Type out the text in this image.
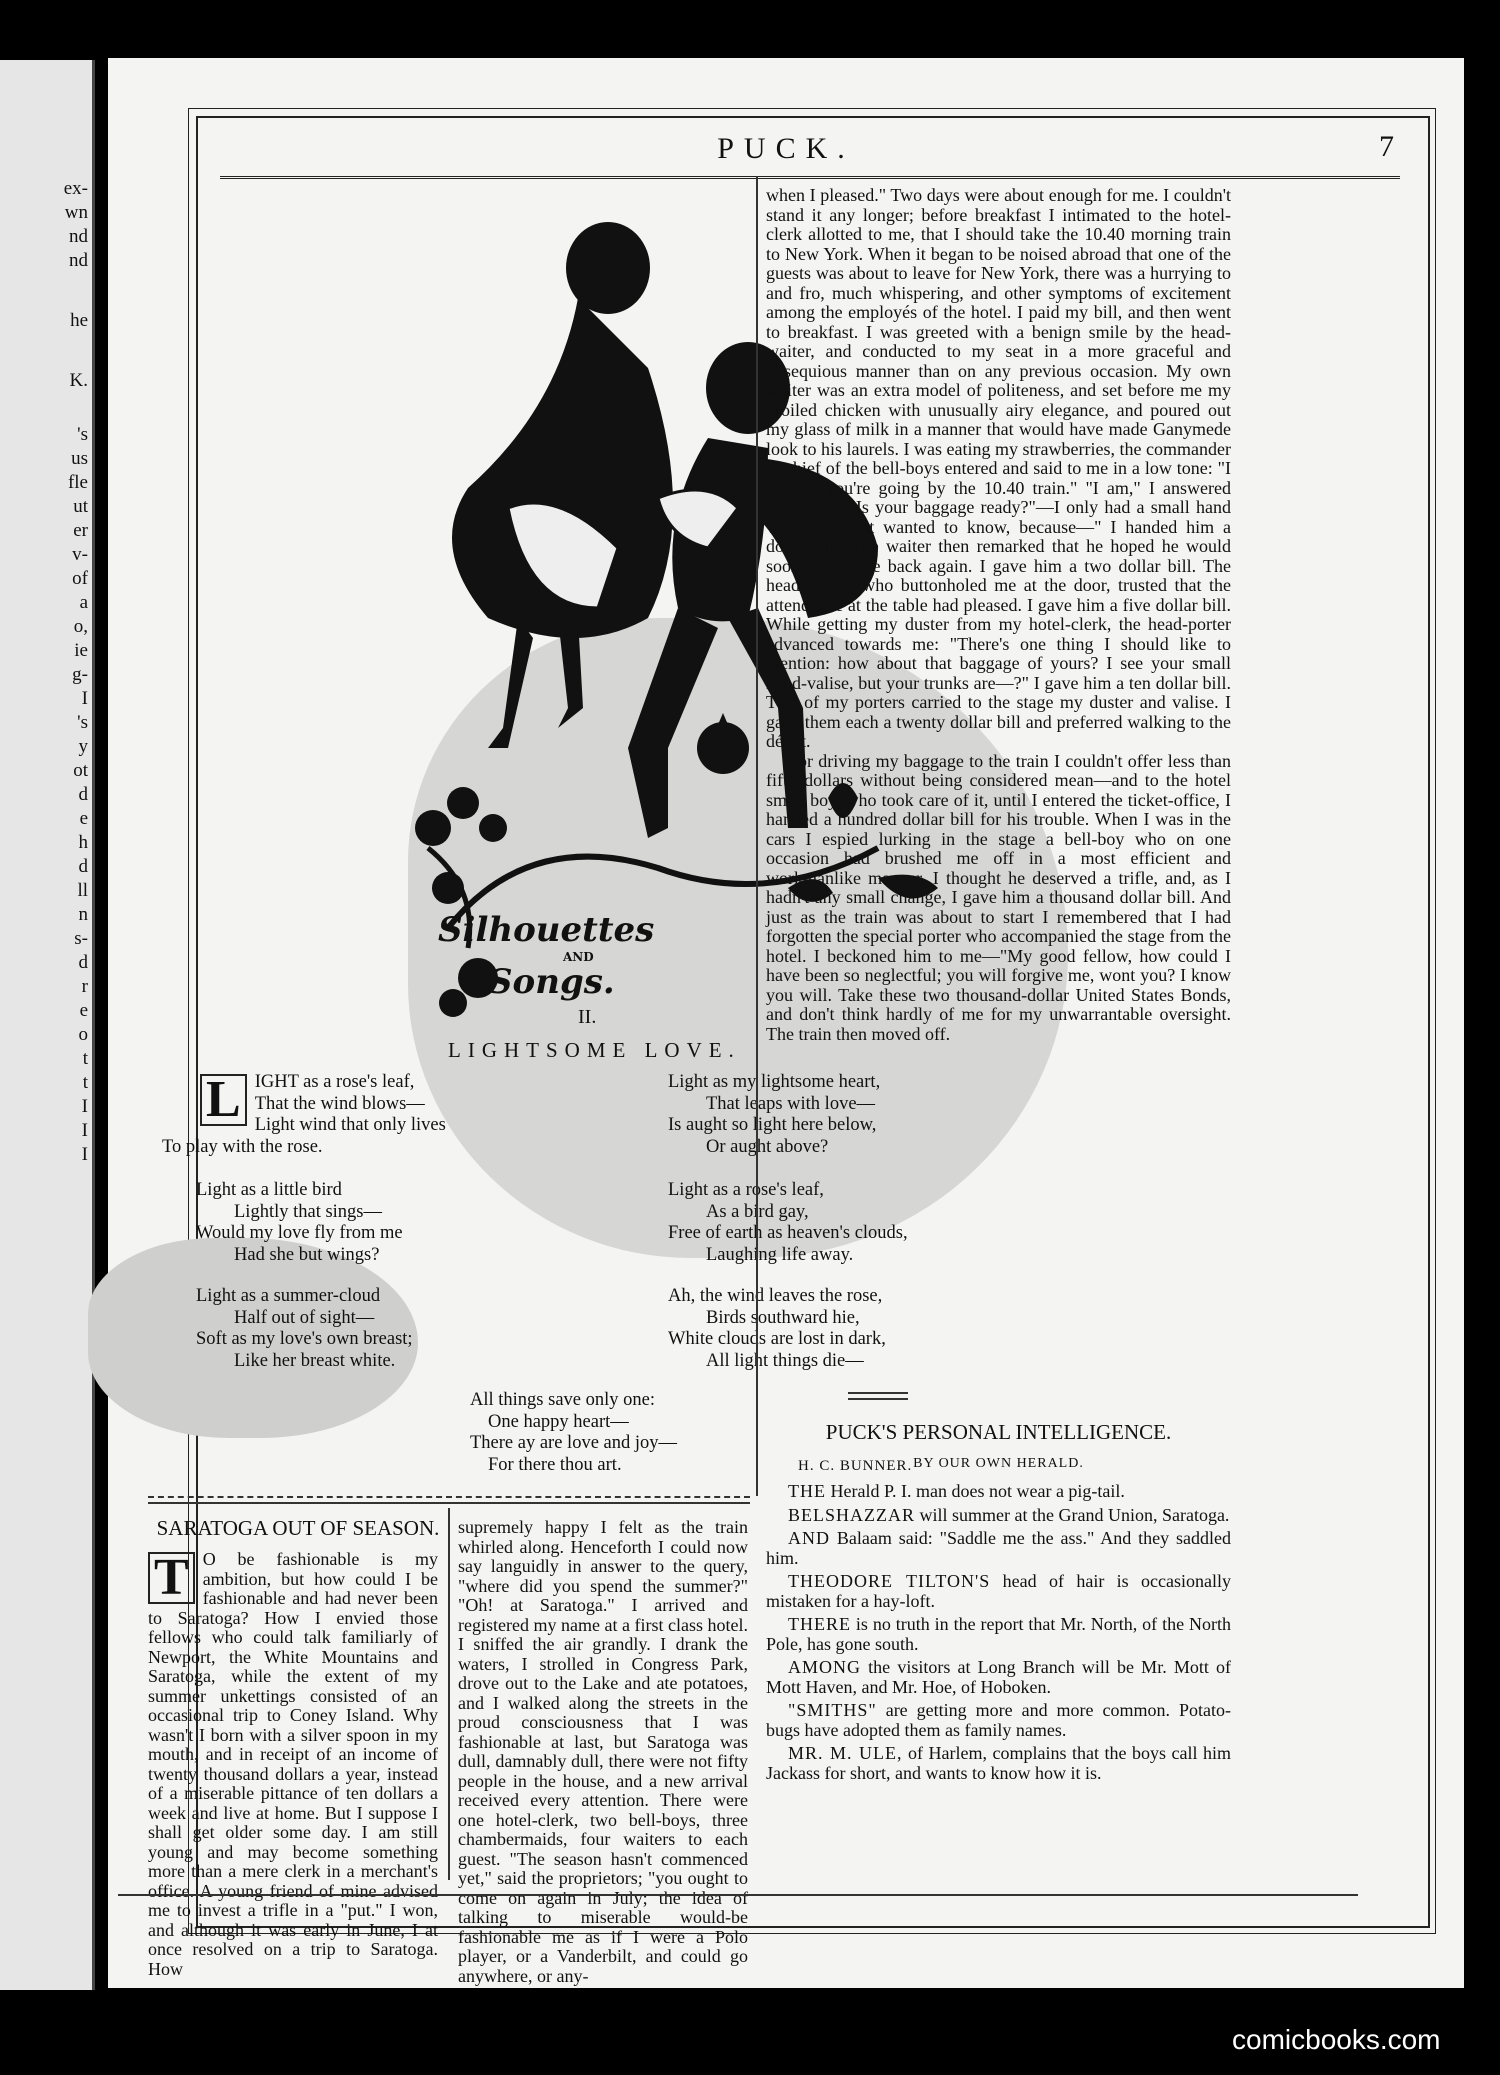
ex-
wn
nd
nd
he
K.
's
us
fle
ut
er
v-
of
a
o,
ie
g-
I
's
y
ot
d
e
h
d
ll
n
s-
d
r
e
o
t
t
I
I
I
PUCK.	7
Silhouettes
AND
Songs.
II.
LIGHTSOME LOVE.
L IGHT as a rose's leaf,
That the wind blows—
Light wind that only lives
To play with the rose.
Light as a little bird
Lightly that sings—
Would my love fly from me
Had she but wings?
Light as a summer-cloud
Half out of sight—
Soft as my love's own breast;
Like her breast white.
Light as my lightsome heart,
That leaps with love—
Is aught so light here below,
Or aught above?
Light as a rose's leaf,
As a bird gay,
Free of earth as heaven's clouds,
Laughing life away.
Ah, the wind leaves the rose,
Birds southward hie,
White clouds are lost in dark,
All light things die—
All things save only one:
One happy heart—
There ay are love and joy—
For there thou art.	H. C. BUNNER.

when I pleased." Two days were about enough for me. I couldn't stand it any longer; before breakfast I intimated to the hotel-clerk allotted to me, that I should take the 10.40 morning train to New York. When it began to be noised abroad that one of the guests was about to leave for New York, there was a hurrying to and fro, much whispering, and other symptoms of excitement among the employés of the hotel. I paid my bill, and then went to breakfast. I was greeted with a benign smile by the head-waiter, and conducted to my seat in a more graceful and obsequious manner than on any previous occasion. My own waiter was an extra model of politeness, and set before me my broiled chicken with unusually airy elegance, and poured out my glass of milk in a manner that would have made Ganymede look to his laurels. I was eating my strawberries, the commander in chief of the bell-boys entered and said to me in a low tone: "I believe you're going by the 10.40 train." "I am," I answered pleasantly. "Is your baggage ready?"—I only had a small hand valise—"I just wanted to know, because—" I handed him a dollar bill. The waiter then remarked that he hoped he would soon to see me back again. I gave him a two dollar bill. The head-waiter, who buttonholed me at the door, trusted that the attendance at the table had pleased. I gave him a five dollar bill. While getting my duster from my hotel-clerk, the head-porter advanced towards me: "There's one thing I should like to mention: how about that baggage of yours? I see your small hand-valise, but your trunks are—?" I gave him a ten dollar bill. Two of my porters carried to the stage my duster and valise. I gave them each a twenty dollar bill and preferred walking to the dépôt.

For driving my baggage to the train I couldn't offer less than fifty dollars without being considered mean—and to the hotel small boy, who took care of it, until I entered the ticket-office, I handed a hundred dollar bill for his trouble. When I was in the cars I espied lurking in the stage a bell-boy who on one occasion had brushed me off in a most efficient and workmanlike manner. I thought he deserved a trifle, and, as I hadn't any small change, I gave him a thousand dollar bill. And just as the train was about to start I remembered that I had forgotten the special porter who accompanied the stage from the hotel. I beckoned him to me—"My good fellow, how could I have been so neglectful; you will forgive me, wont you? I know you will. Take these two thousand-dollar United States Bonds, and don't think hardly of me for my unwarrantable oversight. The train then moved off.

PUCK'S PERSONAL INTELLIGENCE.
BY OUR OWN HERALD.

THE Herald P. I. man does not wear a pig-tail.

BELSHAZZAR will summer at the Grand Union, Saratoga.

AND Balaam said: "Saddle me the ass." And they saddled him.

THEODORE TILTON'S head of hair is occasionally mistaken for a hay-loft.

THERE is no truth in the report that Mr. North, of the North Pole, has gone south.

AMONG the visitors at Long Branch will be Mr. Mott of Mott Haven, and Mr. Hoe, of Hoboken.

"SMITHS" are getting more and more common. Potato-bugs have adopted them as family names.

MR. M. ULE, of Harlem, complains that the boys call him Jackass for short, and wants to know how it is.

SARATOGA OUT OF SEASON.
T O be fashionable is my ambition, but how could I be fashionable and had never been to Saratoga? How I envied those fellows who could talk familiarly of Newport, the White Mountains and Saratoga, while the extent of my summer unkettings consisted of an occasional trip to Coney Island. Why wasn't I born with a silver spoon in my mouth, and in receipt of an income of twenty thousand dollars a year, instead of a miserable pittance of ten dollars a week and live at home. But I suppose I shall get older some day. I am still young and may become something more than a mere clerk in a merchant's office. A young friend of mine advised me to invest a trifle in a "put." I won, and although it was early in June, I at once resolved on a trip to Saratoga. How

supremely happy I felt as the train whirled along. Henceforth I could now say languidly in answer to the query, "where did you spend the summer?" "Oh! at Saratoga." I arrived and registered my name at a first class hotel. I sniffed the air grandly. I drank the waters, I strolled in Congress Park, drove out to the Lake and ate potatoes, and I walked along the streets in the proud consciousness that I was fashionable at last, but Saratoga was dull, damnably dull, there were not fifty people in the house, and a new arrival received every attention. There were one hotel-clerk, two bell-boys, three chambermaids, four waiters to each guest. "The season hasn't commenced yet," said the proprietors; "you ought to come on again in July; the idea of talking to miserable would-be fashionable me as if I were a Polo player, or a Vanderbilt, and could go anywhere, or any-

comicbooks.com
